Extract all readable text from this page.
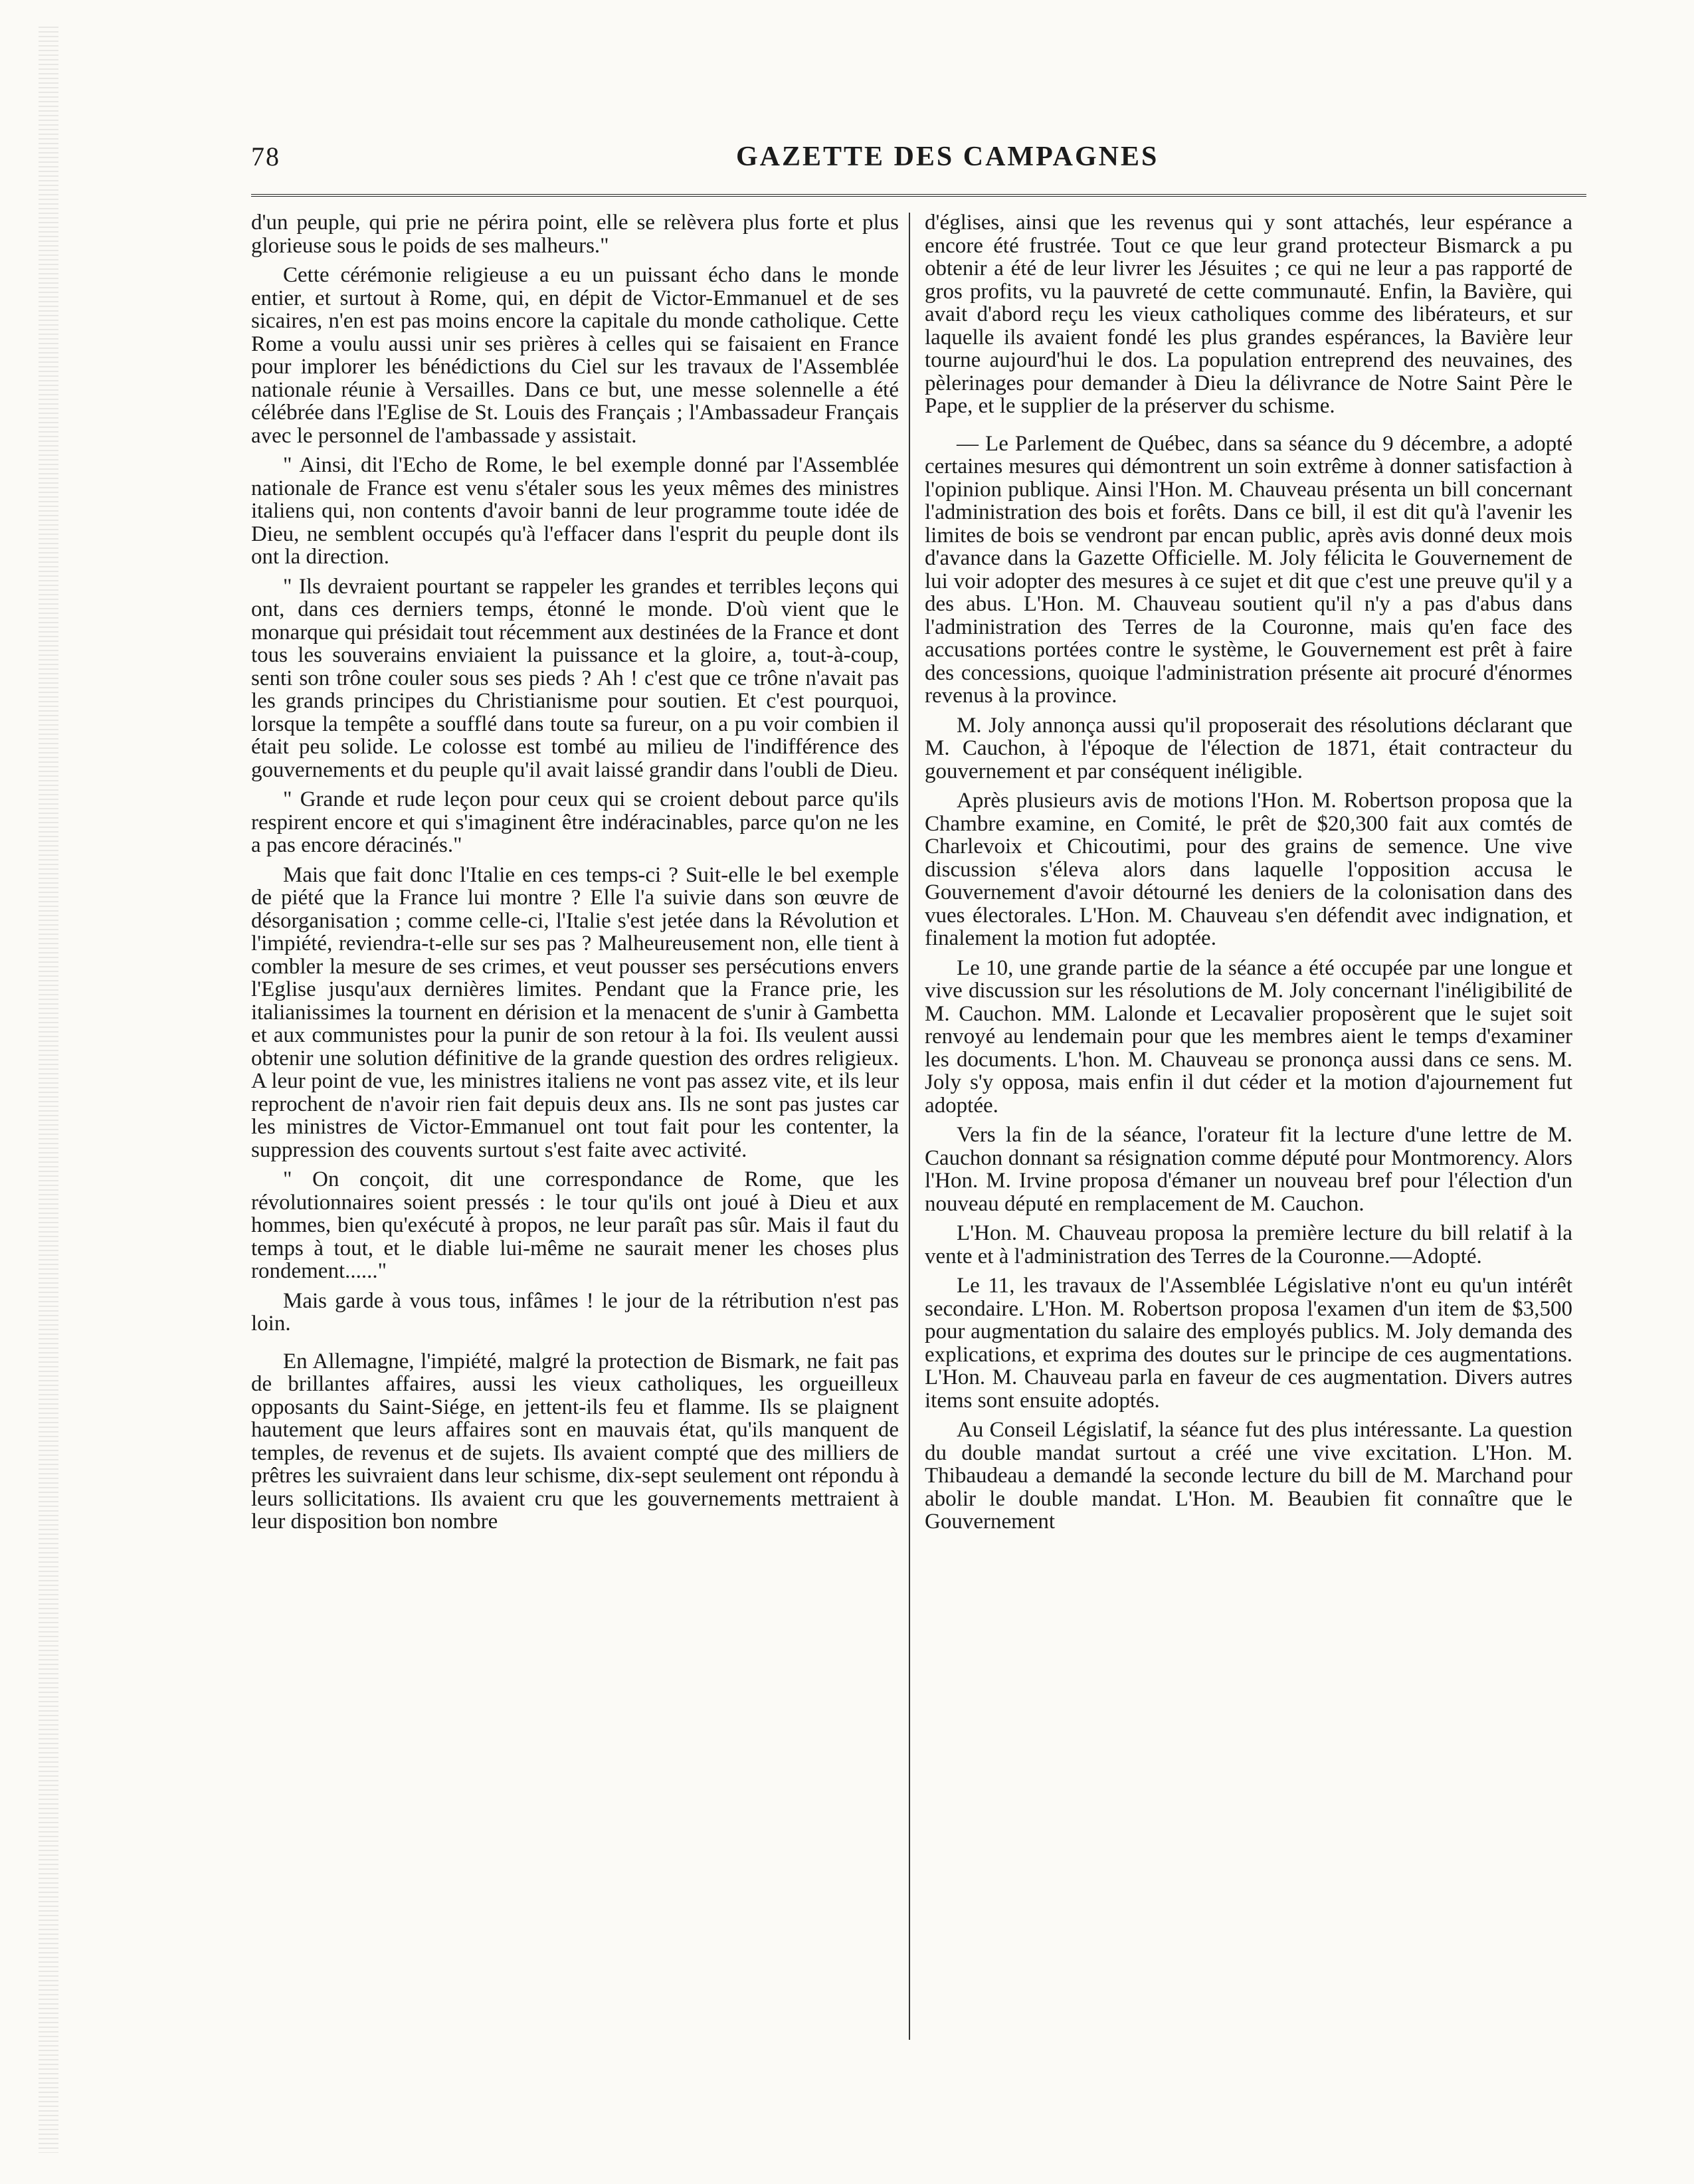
78	GAZETTE DES CAMPAGNES

d'un peuple, qui prie ne périra point, elle se relèvera plus forte et plus glorieuse sous le poids de ses malheurs."

Cette cérémonie religieuse a eu un puissant écho dans le monde entier, et surtout à Rome, qui, en dépit de Victor-Emmanuel et de ses sicaires, n'en est pas moins encore la capitale du monde catholique. Cette Rome a voulu aussi unir ses prières à celles qui se faisaient en France pour implorer les bénédictions du Ciel sur les travaux de l'Assemblée nationale réunie à Versailles. Dans ce but, une messe solennelle a été célébrée dans l'Eglise de St. Louis des Français ; l'Ambassadeur Français avec le personnel de l'ambassade y assistait.

" Ainsi, dit l'Echo de Rome, le bel exemple donné par l'Assemblée nationale de France est venu s'étaler sous les yeux mêmes des ministres italiens qui, non contents d'avoir banni de leur programme toute idée de Dieu, ne semblent occupés qu'à l'effacer dans l'esprit du peuple dont ils ont la direction.

" Ils devraient pourtant se rappeler les grandes et terribles leçons qui ont, dans ces derniers temps, étonné le monde. D'où vient que le monarque qui présidait tout récemment aux destinées de la France et dont tous les souverains enviaient la puissance et la gloire, a, tout-à-coup, senti son trône couler sous ses pieds ? Ah ! c'est que ce trône n'avait pas les grands principes du Christianisme pour soutien. Et c'est pourquoi, lorsque la tempête a soufflé dans toute sa fureur, on a pu voir combien il était peu solide. Le colosse est tombé au milieu de l'indifférence des gouvernements et du peuple qu'il avait laissé grandir dans l'oubli de Dieu.

" Grande et rude leçon pour ceux qui se croient debout parce qu'ils respirent encore et qui s'imaginent être indéracinables, parce qu'on ne les a pas encore déracinés."

Mais que fait donc l'Italie en ces temps-ci ? Suit-elle le bel exemple de piété que la France lui montre ? Elle l'a suivie dans son œuvre de désorganisation ; comme celle-ci, l'Italie s'est jetée dans la Révolution et l'impiété, reviendra-t-elle sur ses pas ? Malheureusement non, elle tient à combler la mesure de ses crimes, et veut pousser ses persécutions envers l'Eglise jusqu'aux dernières limites. Pendant que la France prie, les italianissimes la tournent en dérision et la menacent de s'unir à Gambetta et aux communistes pour la punir de son retour à la foi. Ils veulent aussi obtenir une solution définitive de la grande question des ordres religieux. A leur point de vue, les ministres italiens ne vont pas assez vite, et ils leur reprochent de n'avoir rien fait depuis deux ans. Ils ne sont pas justes car les ministres de Victor-Emmanuel ont tout fait pour les contenter, la suppression des couvents surtout s'est faite avec activité.

" On conçoit, dit une correspondance de Rome, que les révolutionnaires soient pressés : le tour qu'ils ont joué à Dieu et aux hommes, bien qu'exécuté à propos, ne leur paraît pas sûr. Mais il faut du temps à tout, et le diable lui-même ne saurait mener les choses plus rondement......"

Mais garde à vous tous, infâmes ! le jour de la rétribution n'est pas loin.

En Allemagne, l'impiété, malgré la protection de Bismark, ne fait pas de brillantes affaires, aussi les vieux catholiques, les orgueilleux opposants du Saint-Siége, en jettent-ils feu et flamme. Ils se plaignent hautement que leurs affaires sont en mauvais état, qu'ils manquent de temples, de revenus et de sujets. Ils avaient compté que des milliers de prêtres les suivraient dans leur schisme, dix-sept seulement ont répondu à leurs sollicitations. Ils avaient cru que les gouvernements mettraient à leur disposition bon nombre

d'églises, ainsi que les revenus qui y sont attachés, leur espérance a encore été frustrée. Tout ce que leur grand protecteur Bismarck a pu obtenir a été de leur livrer les Jésuites ; ce qui ne leur a pas rapporté de gros profits, vu la pauvreté de cette communauté. Enfin, la Bavière, qui avait d'abord reçu les vieux catholiques comme des libérateurs, et sur laquelle ils avaient fondé les plus grandes espérances, la Bavière leur tourne aujourd'hui le dos. La population entreprend des neuvaines, des pèlerinages pour demander à Dieu la délivrance de Notre Saint Père le Pape, et le supplier de la préserver du schisme.

— Le Parlement de Québec, dans sa séance du 9 décembre, a adopté certaines mesures qui démontrent un soin extrême à donner satisfaction à l'opinion publique. Ainsi l'Hon. M. Chauveau présenta un bill concernant l'administration des bois et forêts. Dans ce bill, il est dit qu'à l'avenir les limites de bois se vendront par encan public, après avis donné deux mois d'avance dans la Gazette Officielle. M. Joly félicita le Gouvernement de lui voir adopter des mesures à ce sujet et dit que c'est une preuve qu'il y a des abus. L'Hon. M. Chauveau soutient qu'il n'y a pas d'abus dans l'administration des Terres de la Couronne, mais qu'en face des accusations portées contre le système, le Gouvernement est prêt à faire des concessions, quoique l'administration présente ait procuré d'énormes revenus à la province.

M. Joly annonça aussi qu'il proposerait des résolutions déclarant que M. Cauchon, à l'époque de l'élection de 1871, était contracteur du gouvernement et par conséquent inéligible.

Après plusieurs avis de motions l'Hon. M. Robertson proposa que la Chambre examine, en Comité, le prêt de $20,300 fait aux comtés de Charlevoix et Chicoutimi, pour des grains de semence. Une vive discussion s'éleva alors dans laquelle l'opposition accusa le Gouvernement d'avoir détourné les deniers de la colonisation dans des vues électorales. L'Hon. M. Chauveau s'en défendit avec indignation, et finalement la motion fut adoptée.

Le 10, une grande partie de la séance a été occupée par une longue et vive discussion sur les résolutions de M. Joly concernant l'inéligibilité de M. Cauchon. MM. Lalonde et Lecavalier proposèrent que le sujet soit renvoyé au lendemain pour que les membres aient le temps d'examiner les documents. L'hon. M. Chauveau se prononça aussi dans ce sens. M. Joly s'y opposa, mais enfin il dut céder et la motion d'ajournement fut adoptée.

Vers la fin de la séance, l'orateur fit la lecture d'une lettre de M. Cauchon donnant sa résignation comme député pour Montmorency. Alors l'Hon. M. Irvine proposa d'émaner un nouveau bref pour l'élection d'un nouveau député en remplacement de M. Cauchon.

L'Hon. M. Chauveau proposa la première lecture du bill relatif à la vente et à l'administration des Terres de la Couronne.—Adopté.

Le 11, les travaux de l'Assemblée Législative n'ont eu qu'un intérêt secondaire. L'Hon. M. Robertson proposa l'examen d'un item de $3,500 pour augmentation du salaire des employés publics. M. Joly demanda des explications, et exprima des doutes sur le principe de ces augmentations. L'Hon. M. Chauveau parla en faveur de ces augmentation. Divers autres items sont ensuite adoptés.

Au Conseil Législatif, la séance fut des plus intéressante. La question du double mandat surtout a créé une vive excitation. L'Hon. M. Thibaudeau a demandé la seconde lecture du bill de M. Marchand pour abolir le double mandat. L'Hon. M. Beaubien fit connaître que le Gouvernement
